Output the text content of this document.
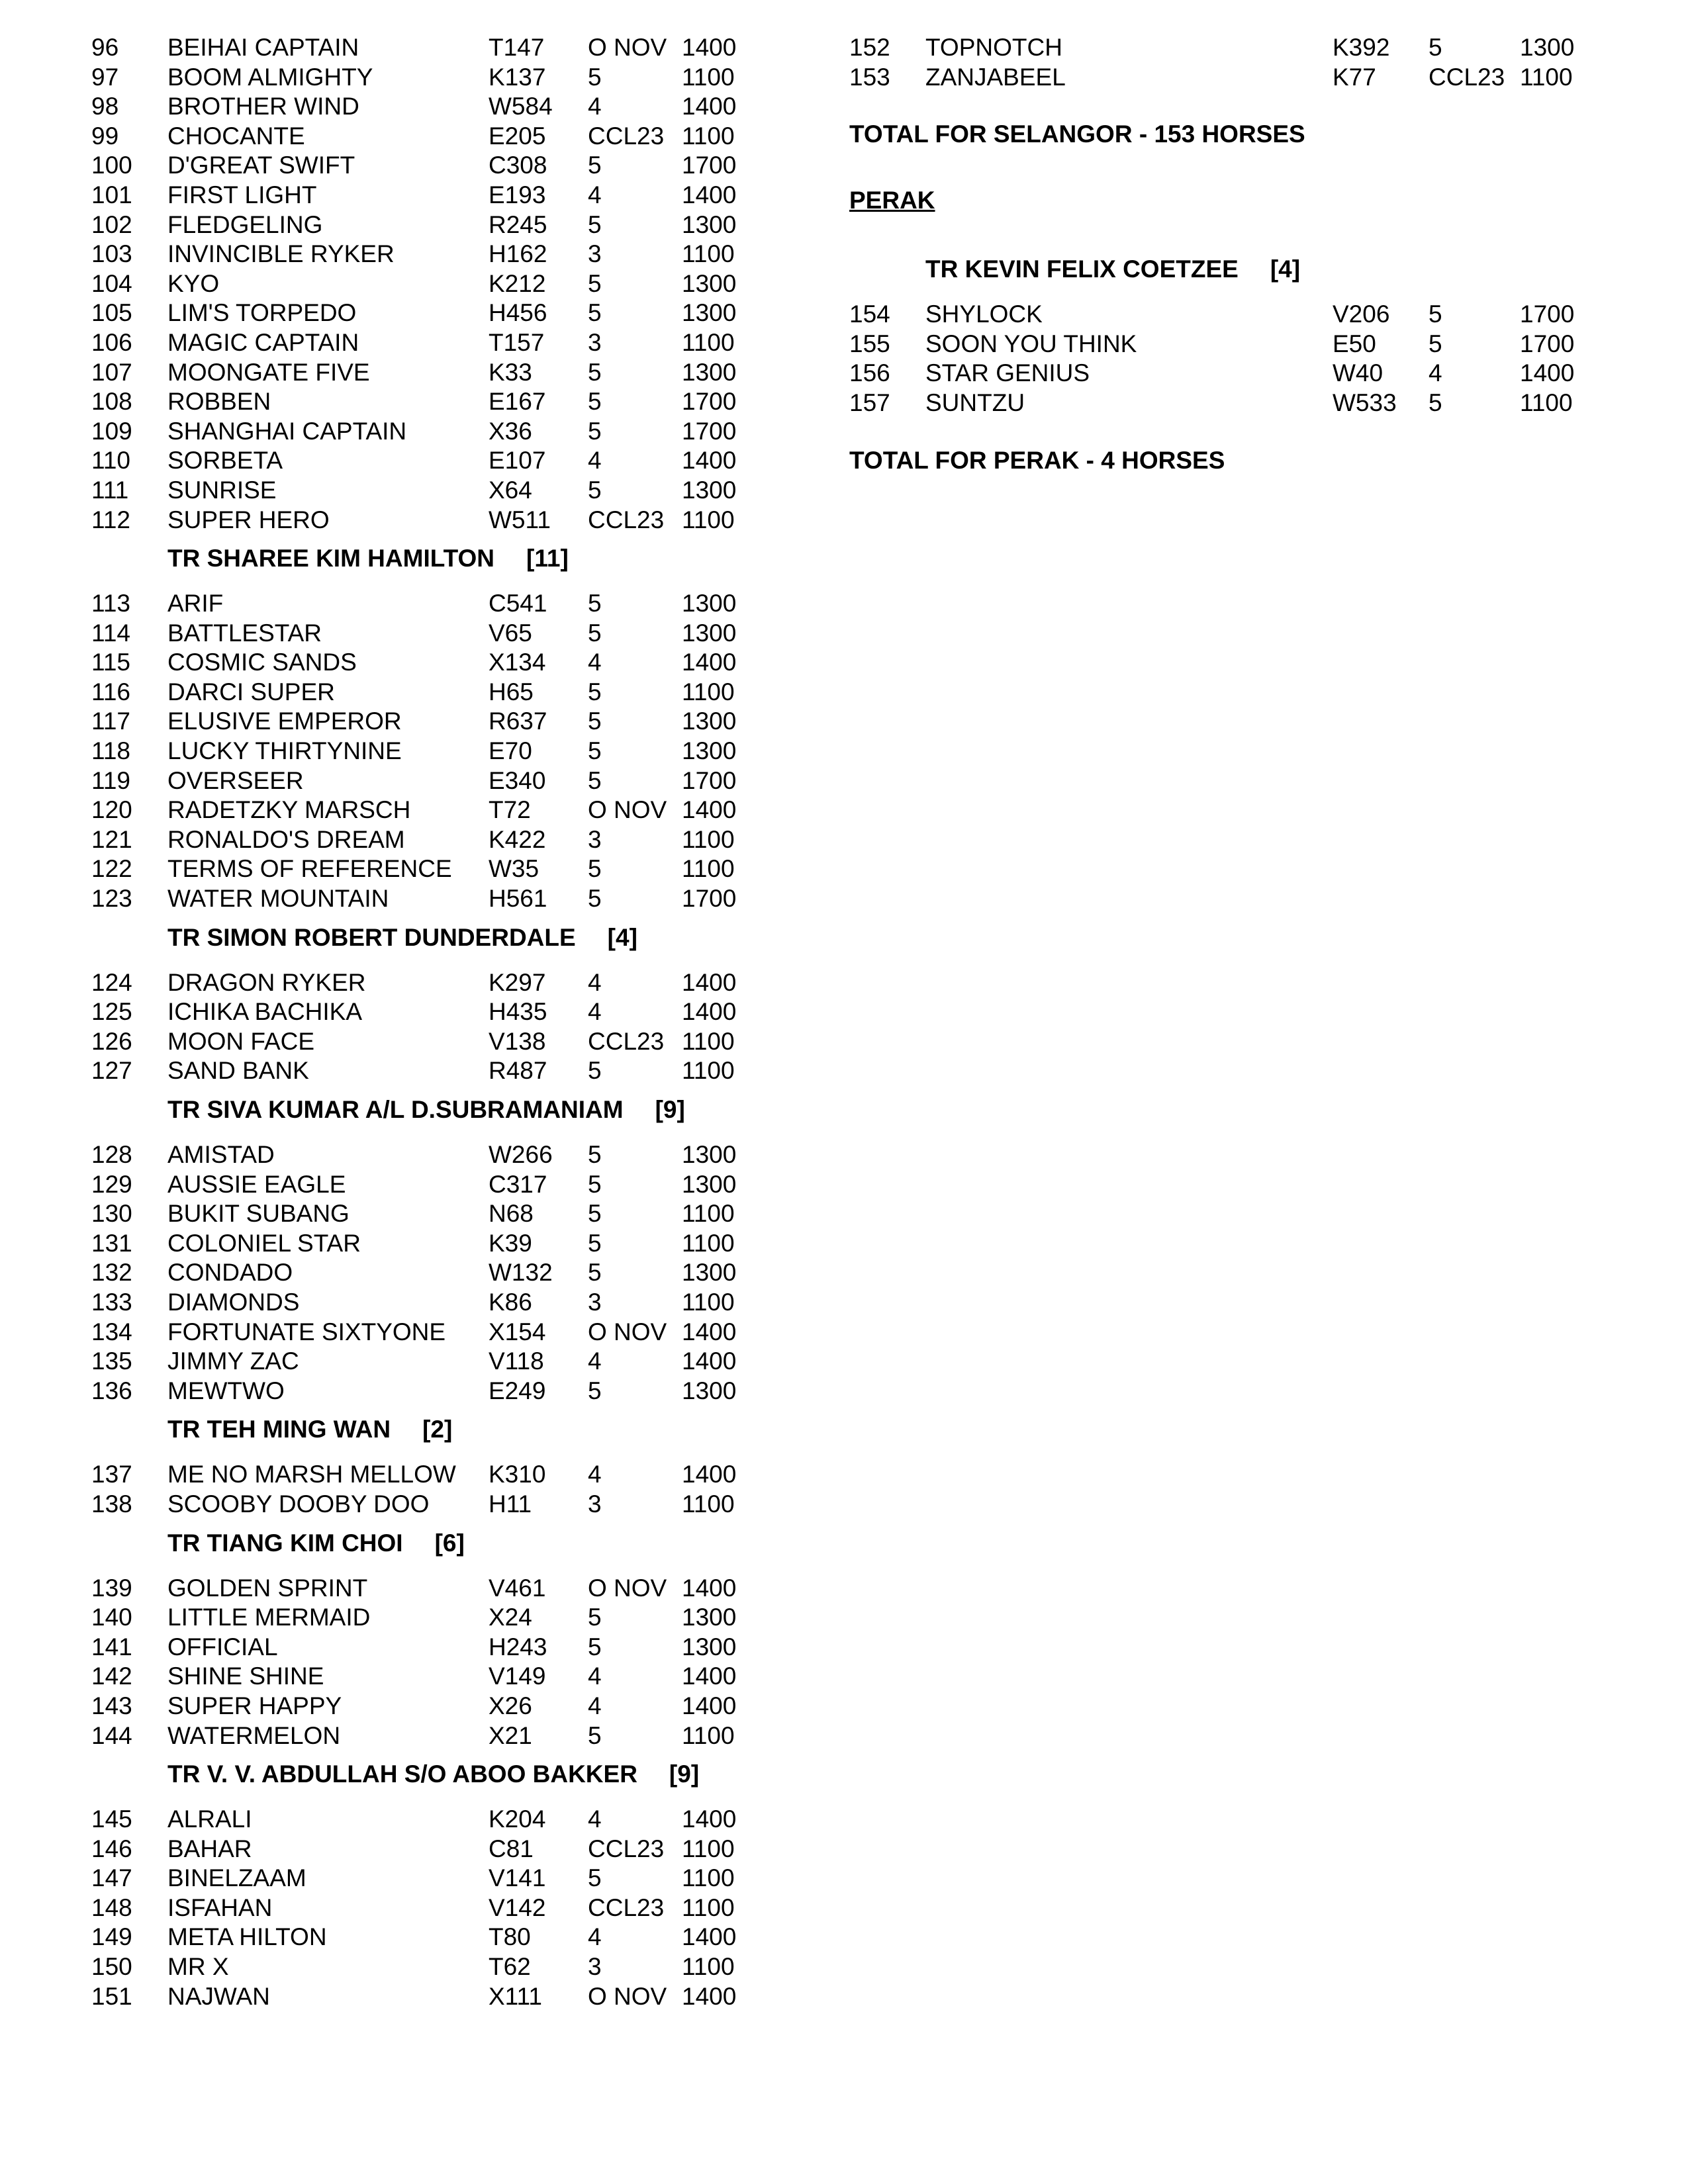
96	BEIHAI CAPTAIN	T147	O NOV 1400
97	BOOM ALMIGHTY	K137	5	1100
98	BROTHER WIND	W584	4	1400
99	CHOCANTE	E205	CCL23 1100
100	D'GREAT SWIFT	C308	5	1700
101	FIRST LIGHT	E193	4	1400
102	FLEDGELING	R245	5	1300
103	INVINCIBLE RYKER	H162	3	1100
104	KYO	K212	5	1300
105	LIM'S TORPEDO	H456	5	1300
106	MAGIC CAPTAIN	T157	3	1100
107	MOONGATE FIVE	K33	5	1300
108	ROBBEN	E167	5	1700
109	SHANGHAI CAPTAIN	X36	5	1700
110	SORBETA	E107	4	1400
111	SUNRISE	X64	5	1300
112	SUPER HERO	W511	CCL23 1100
TR SHAREE KIM HAMILTON [11]
113	ARIF	C541	5	1300
114	BATTLESTAR	V65	5	1300
115	COSMIC SANDS	X134	4	1400
116	DARCI SUPER	H65	5	1100
117	ELUSIVE EMPEROR	R637	5	1300
118	LUCKY THIRTYNINE	E70	5	1300
119	OVERSEER	E340	5	1700
120	RADETZKY MARSCH	T72	O NOV 1400
121	RONALDO'S DREAM	K422	3	1100
122	TERMS OF REFERENCE	W35	5	1100
123	WATER MOUNTAIN	H561	5	1700
TR SIMON ROBERT DUNDERDALE [4]
124	DRAGON RYKER	K297	4	1400
125	ICHIKA BACHIKA	H435	4	1400
126	MOON FACE	V138	CCL23 1100
127	SAND BANK	R487	5	1100
TR SIVA KUMAR A/L D.SUBRAMANIAM [9]
128	AMISTAD	W266	5	1300
129	AUSSIE EAGLE	C317	5	1300
130	BUKIT SUBANG	N68	5	1100
131	COLONIEL STAR	K39	5	1100
132	CONDADO	W132	5	1300
133	DIAMONDS	K86	3	1100
134	FORTUNATE SIXTYONE	X154	O NOV 1400
135	JIMMY ZAC	V118	4	1400
136	MEWTWO	E249	5	1300
TR TEH MING WAN [2]
137	ME NO MARSH MELLOW	K310	4	1400
138	SCOOBY DOOBY DOO	H11	3	1100
TR TIANG KIM CHOI [6]
139	GOLDEN SPRINT	V461	O NOV 1400
140	LITTLE MERMAID	X24	5	1300
141	OFFICIAL	H243	5	1300
142	SHINE SHINE	V149	4	1400
143	SUPER HAPPY	X26	4	1400
144	WATERMELON	X21	5	1100
TR V. V. ABDULLAH S/O ABOO BAKKER [9]
145	ALRALI	K204	4	1400
146	BAHAR	C81	CCL23 1100
147	BINELZAAM	V141	5	1100
148	ISFAHAN	V142	CCL23 1100
149	META HILTON	T80	4	1400
150	MR X	T62	3	1100
151	NAJWAN	X111	O NOV 1400
152	TOPNOTCH	K392	5	1300
153	ZANJABEEL	K77	CCL23 1100
TOTAL FOR SELANGOR - 153 HORSES
PERAK
TR KEVIN FELIX COETZEE [4]
154	SHYLOCK	V206	5	1700
155	SOON YOU THINK	E50	5	1700
156	STAR GENIUS	W40	4	1400
157	SUNTZU	W533	5	1100
TOTAL FOR PERAK - 4 HORSES
